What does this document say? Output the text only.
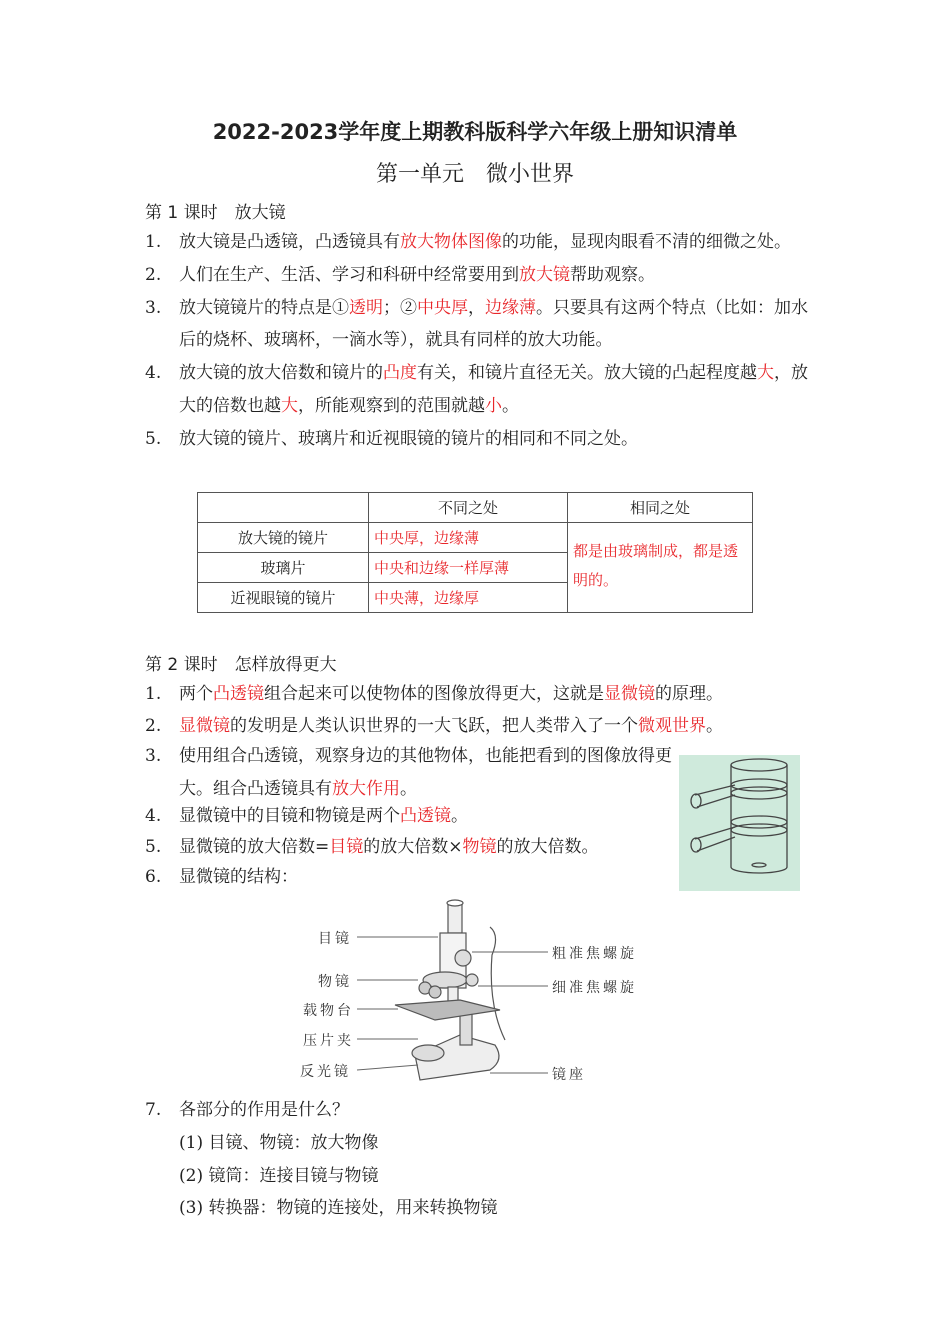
2022-2023学年度上期教科版科学六年级上册知识清单
第一单元　微小世界
第 1 课时　放大镜
1. 放大镜是凸透镜，凸透镜具有放大物体图像的功能，显现肉眼看不清的细微之处。
2. 人们在生产、生活、学习和科研中经常要用到放大镜帮助观察。
3. 放大镜镜片的特点是①透明；②中央厚，边缘薄。只要具有这两个特点（比如：加水后的烧杯、玻璃杯，一滴水等），就具有同样的放大功能。
4. 放大镜的放大倍数和镜片的凸度有关，和镜片直径无关。放大镜的凸起程度越大，放大的倍数也越大，所能观察到的范围就越小。
5. 放大镜的镜片、玻璃片和近视眼镜的镜片的相同和不同之处。
	不同之处	相同之处
放大镜的镜片	中央厚，边缘薄	都是由玻璃制成，都是透明的。
玻璃片	中央和边缘一样厚薄	
近视眼镜的镜片	中央薄，边缘厚	
第 2 课时　怎样放得更大
1. 两个凸透镜组合起来可以使物体的图像放得更大，这就是显微镜的原理。
2. 显微镜的发明是人类认识世界的一大飞跃，把人类带入了一个微观世界。
3. 使用组合凸透镜，观察身边的其他物体，也能把看到的图像放得更大。组合凸透镜具有放大作用。
4. 显微镜中的目镜和物镜是两个凸透镜。
5. 显微镜的放大倍数=目镜的放大倍数×物镜的放大倍数。
6. 显微镜的结构：
目镜
物镜
载物台
压片夹
反光镜
粗准焦螺旋
细准焦螺旋
镜座
7. 各部分的作用是什么？
(1) 目镜、物镜：放大物像
(2) 镜筒：连接目镜与物镜
(3) 转换器：物镜的连接处，用来转换物镜
